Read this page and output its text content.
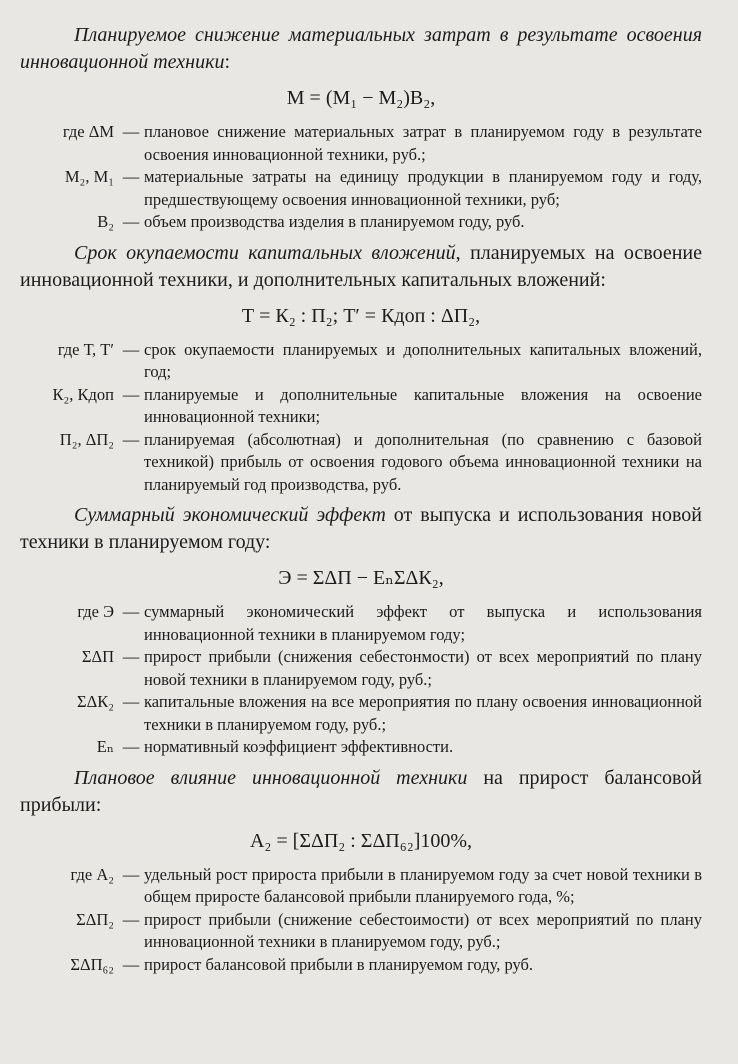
Планируемое снижение материальных затрат в результате освоения инновационной техники:

М = (М₁ − М₂)В₂,
где ΔМ — плановое снижение материальных затрат в планируемом году в результате освоения инновационной техники, руб.;
М₂, М₁ — материальные затраты на единицу продукции в планируемом году и году, предшествующему освоения инновационной техники, руб;
В₂ — объем производства изделия в планируемом году, руб.

Срок окупаемости капитальных вложений, планируемых на освоение инновационной техники, и дополнительных капитальных вложений:

Т = К₂ : П₂; Т′ = Кдоп : ΔП₂,
где Т, Т′ — срок окупаемости планируемых и дополнительных капитальных вложений, год;
К₂, Кдоп — планируемые и дополнительные капитальные вложения на освоение инновационной техники;
П₂, ΔП₂ — планируемая (абсолютная) и дополнительная (по сравнению с базовой техникой) прибыль от освоения годового объема инновационной техники на планируемый год производства, руб.

Суммарный экономический эффект от выпуска и использования новой техники в планируемом году:

Э = ΣΔП − EₙΣΔК₂,
где Э — суммарный экономический эффект от выпуска и использования инновационной техники в планируемом году;
ΣΔП — прирост прибыли (снижения себестонмости) от всех мероприятий по плану новой техники в планируемом году, руб.;
ΣΔК₂ — капитальные вложения на все мероприятия по плану освоения инновационной техники в планируемом году, руб.;
Eₙ — нормативный коэффициент эффективности.

Плановое влияние инновационной техники на прирост балансовой прибыли:

А₂ = [ΣΔП₂ : ΣΔП₆₂]100%,
где А₂ — удельный рост прироста прибыли в планируемом году за счет новой техники в общем приросте балансовой прибыли планируемого года, %;
ΣΔП₂ — прирост прибыли (снижение себестоимости) от всех мероприятий по плану инновационной техники в планируемом году, руб.;
ΣΔП₆₂ — прирост балансовой прибыли в планируемом году, руб.
